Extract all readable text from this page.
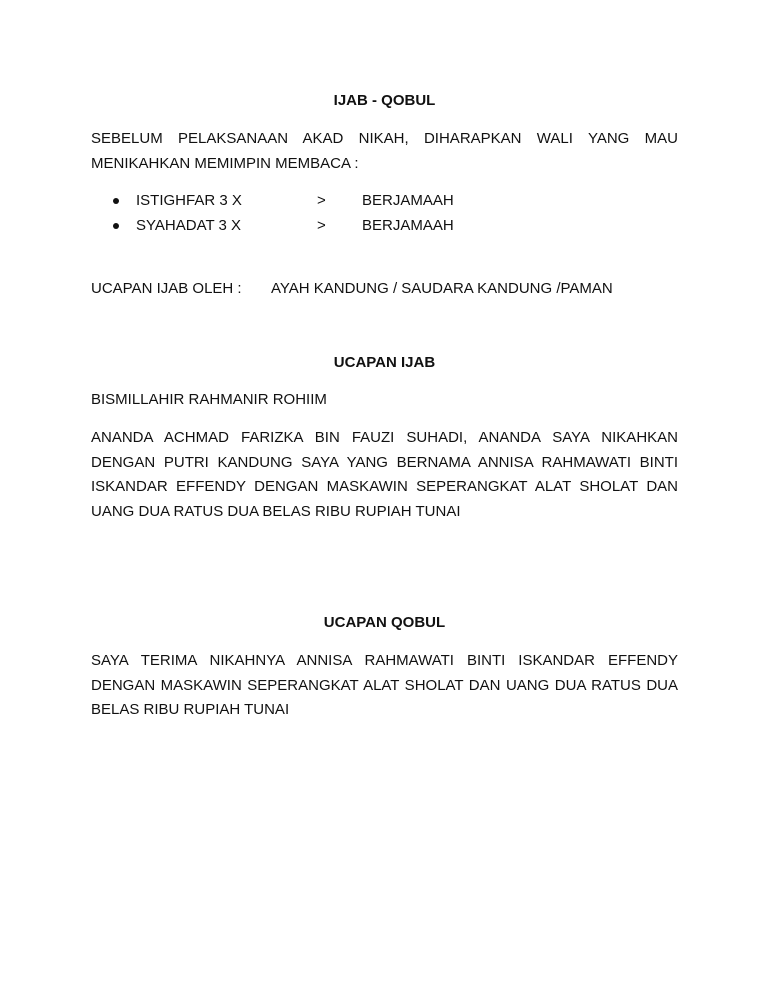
IJAB - QOBUL
SEBELUM PELAKSANAAN AKAD NIKAH, DIHARAPKAN WALI YANG MAU MENIKAHKAN MEMIMPIN MEMBACA :
ISTIGHFAR 3 X	> BERJAMAAH
SYAHADAT 3 X	> BERJAMAAH
UCAPAN IJAB OLEH : AYAH KANDUNG / SAUDARA KANDUNG /PAMAN
UCAPAN IJAB
BISMILLAHIR RAHMANIR ROHIIM
ANANDA ACHMAD FARIZKA BIN FAUZI SUHADI, ANANDA SAYA NIKAHKAN DENGAN PUTRI KANDUNG SAYA YANG BERNAMA ANNISA RAHMAWATI BINTI ISKANDAR EFFENDY DENGAN MASKAWIN SEPERANGKAT ALAT SHOLAT DAN UANG DUA RATUS DUA BELAS RIBU RUPIAH TUNAI
UCAPAN QOBUL
SAYA TERIMA NIKAHNYA ANNISA RAHMAWATI BINTI ISKANDAR EFFENDY DENGAN MASKAWIN SEPERANGKAT ALAT SHOLAT DAN UANG DUA RATUS DUA BELAS RIBU RUPIAH TUNAI
